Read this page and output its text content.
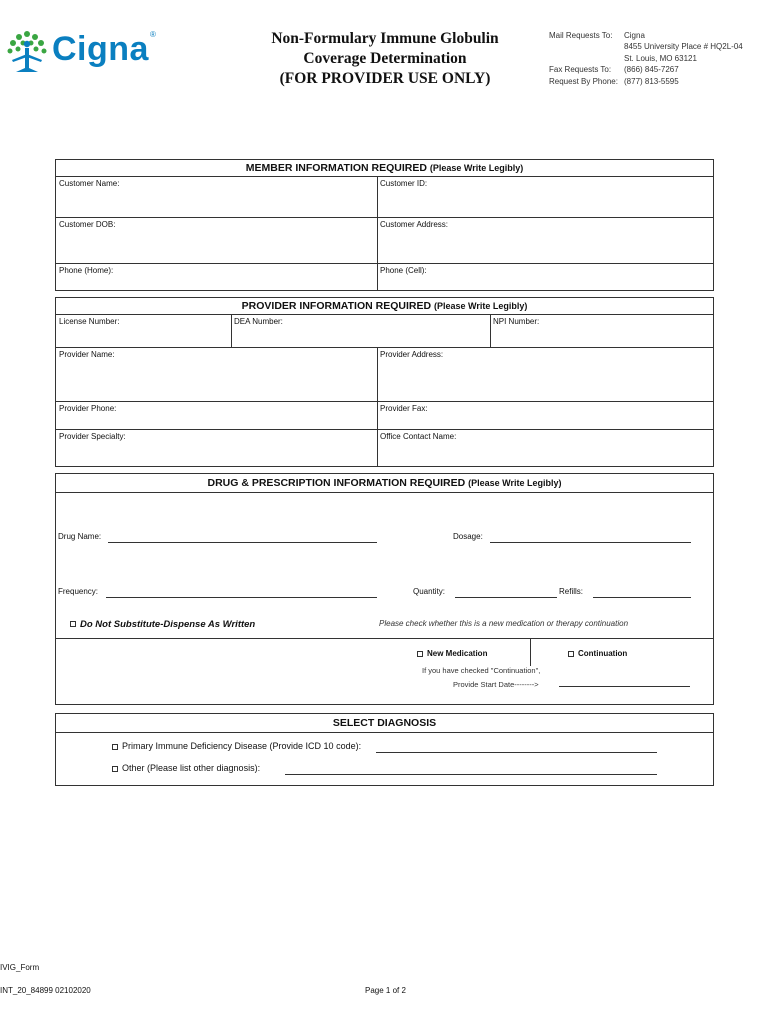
Cigna®	Non-Formulary Immune Globulin
Coverage Determination
(FOR PROVIDER USE ONLY)
Mail Requests To:	Cigna
8455 University Place # HQ2L-04
St. Louis, MO 63121
Fax Requests To:	(866) 845-7267
Request By Phone: (877) 813-5595
MEMBER INFORMATION REQUIRED (Please Write Legibly)
Customer Name:	Customer ID:
Customer DOB:	Customer Address:
Phone (Home):	Phone (Cell):
PROVIDER INFORMATION REQUIRED (Please Write Legibly)
License Number:	DEA Number:	NPI Number:
Provider Name:	Provider Address:
Provider Phone:	Provider Fax:
Provider Specialty:	Office Contact Name:
DRUG & PRESCRIPTION INFORMATION REQUIRED (Please Write Legibly)
Drug Name:	Dosage:
Frequency:	Quantity:	Refills:
Do Not Substitute-Dispense As Written	Please check whether this is a new medication or therapy continuation
New Medication	Continuation
If you have checked "Continuation",
Provide Start Date-------->
SELECT DIAGNOSIS
Primary Immune Deficiency Disease (Provide ICD 10 code):
Other (Please list other diagnosis):
IVIG_Form
INT_20_84899 02102020	Page 1 of 2
